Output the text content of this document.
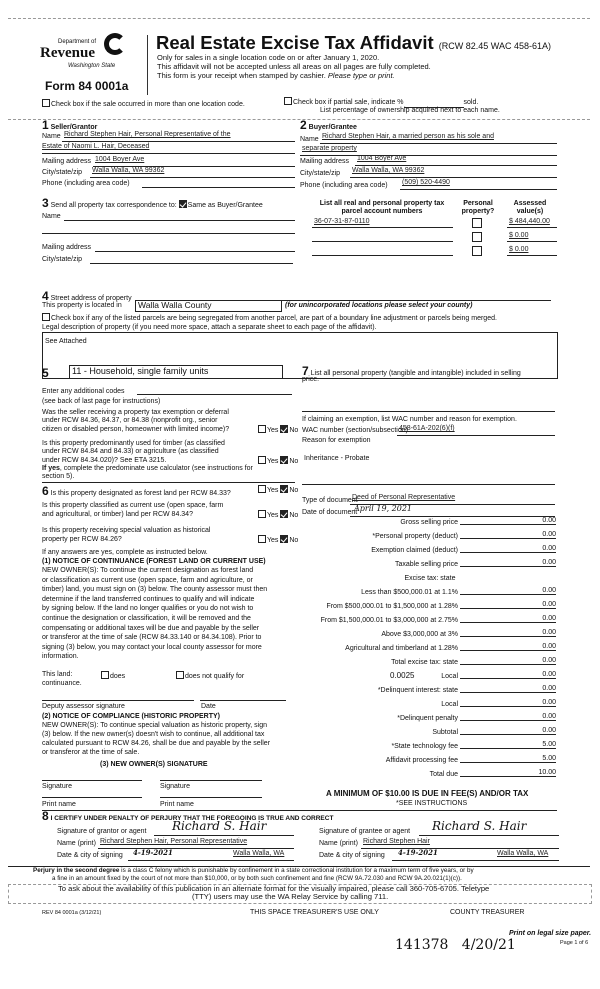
Department of
Revenue
Washington State
Form 84 0001a
Real Estate Excise Tax Affidavit (RCW 82.45 WAC 458-61A)
Only for sales in a single location code on or after January 1, 2020.
This affidavit will not be accepted unless all areas on all pages are fully completed.
This form is your receipt when stamped by cashier. Please type or print.
Check box if the sale occurred in more than one location code.	Check box if partial sale, indicate %	sold.
List percentage of ownership acquired next to each name.
1 Seller/Grantor
Name Richard Stephen Hair, Personal Representative of the
Estate of Naomi L. Hair, Deceased
Mailing address 1004 Boyer Ave
City/state/zip Walla Walla, WA 99362
Phone (including area code)
2 Buyer/Grantee
Name Richard Stephen Hair, a married person as his sole and
separate property
Mailing address 1004 Boyer Ave
City/state/zip Walla Walla, WA 99362
Phone (including area code) (509) 520-4490
3 Send all property tax correspondence to: Same as Buyer/Grantee
Name
Mailing address
City/state/zip
List all real and personal property tax parcel account numbers
Personal property?
Assessed value(s)
36-07-31-87-0110	$ 484,440.00
$ 0.00
$ 0.00
4 Street address of property
This property is located in Walla Walla County	(for unincorporated locations please select your county)
Check box if any of the listed parcels are being segregated from another parcel, are part of a boundary line adjustment or parcels being merged.
Legal description of property (if you need more space, attach a separate sheet to each page of the affidavit).
See Attached
5	11 - Household, single family units
Enter any additional codes
(see back of last page for instructions)
Was the seller receiving a property tax exemption or deferral
under RCW 84.36, 84.37, or 84.38 (nonprofit org., senior
citizen or disabled person, homeowner with limited income)?	Yes No
Is this property predominantly used for timber (as classified
under RCW 84.84 and 84.33) or agriculture (as classified
under RCW 84.34.020)? See ETA 3215.	Yes No
If yes, complete the predominate use calculator (see instructions for
section 5).
6 Is this property designated as forest land per RCW 84.33?	Yes No
Is this property classified as current use (open space, farm
and agricultural, or timber) land per RCW 84.34?	Yes No
Is this property receiving special valuation as historical
property per RCW 84.26?	Yes No
If any answers are yes, complete as instructed below.
(1) NOTICE OF CONTINUANCE (FOREST LAND OR CURRENT USE)
NEW OWNER(S): To continue the current designation as forest land
or classification as current use (open space, farm and agriculture, or
timber) land, you must sign on (3) below. The county assessor must then
determine if the land transferred continues to qualify and will indicate
by signing below. If the land no longer qualifies or you do not wish to
continue the designation or classification, it will be removed and the
compensating or additional taxes will be due and payable by the seller
or transferor at the time of sale (RCW 84.33.140 or 84.34.108). Prior to
signing (3) below, you may contact your local county assessor for more
information.
This land:	does	does not qualify for
continuance.
Deputy assessor signature	Date
(2) NOTICE OF COMPLIANCE (HISTORIC PROPERTY)
NEW OWNER(S): To continue special valuation as historic property, sign
(3) below. If the new owner(s) doesn't wish to continue, all additional tax
calculated pursuant to RCW 84.26, shall be due and payable by the seller
or transferor at the time of sale.
(3) NEW OWNER(S) SIGNATURE
Signature	Signature
Print name	Print name
7 List all personal property (tangible and intangible) included in selling
price.
If claiming an exemption, list WAC number and reason for exemption.
WAC number (section/subsection)
458-61A-202(6)(f)
Reason for exemption
Inheritance - Probate
Type of document
Deed of Personal Representative
Date of document
April 19, 2021
Gross selling price	0.00
*Personal property (deduct)	0.00
Exemption claimed (deduct)	0.00
Taxable selling price	0.00
Excise tax: state
Less than $500,000.01 at 1.1%	0.00
From $500,000.01 to $1,500,000 at 1.28%	0.00
From $1,500,000.01 to $3,000,000 at 2.75%	0.00
Above $3,000,000 at 3%	0.00
Agricultural and timberland at 1.28%	0.00
Total excise tax: state	0.00
Local
0.0025	0.00
*Delinquent interest: state	0.00
Local	0.00
*Delinquent penalty	0.00
Subtotal	0.00
*State technology fee	5.00
Affidavit processing fee	5.00
Total due	10.00
A MINIMUM OF $10.00 IS DUE IN FEE(S) AND/OR TAX
*SEE INSTRUCTIONS
8 I CERTIFY UNDER PENALTY OF PERJURY THAT THE FOREGOING IS TRUE AND CORRECT
Signature of grantor or agent Richard S. Hair
Name (print) Richard Stephen Hair, Personal Representative
Date & city of signing 4-19-2021	Walla Walla, WA
Signature of grantee or agent Richard S. Hair
Name (print) Richard Stephen Hair
Date & city of signing 4-19-2021	Walla Walla, WA
Perjury in the second degree is a class C felony which is punishable by confinement in a state correctional institution for a maximum term of five years, or by
a fine in an amount fixed by the court of not more than $10,000, or by both such confinement and fine (RCW 9A.72.030 and RCW 9A.20.021(1)(c)).
To ask about the availability of this publication in an alternate format for the visually impaired, please call 360-705-6705. Teletype
(TTY) users may use the WA Relay Service by calling 711.
REV 84 0001a (3/12/21)	THIS SPACE TREASURER'S USE ONLY	COUNTY TREASURER
141378   4/20/21
Print on legal size paper.
Page 1 of 6
